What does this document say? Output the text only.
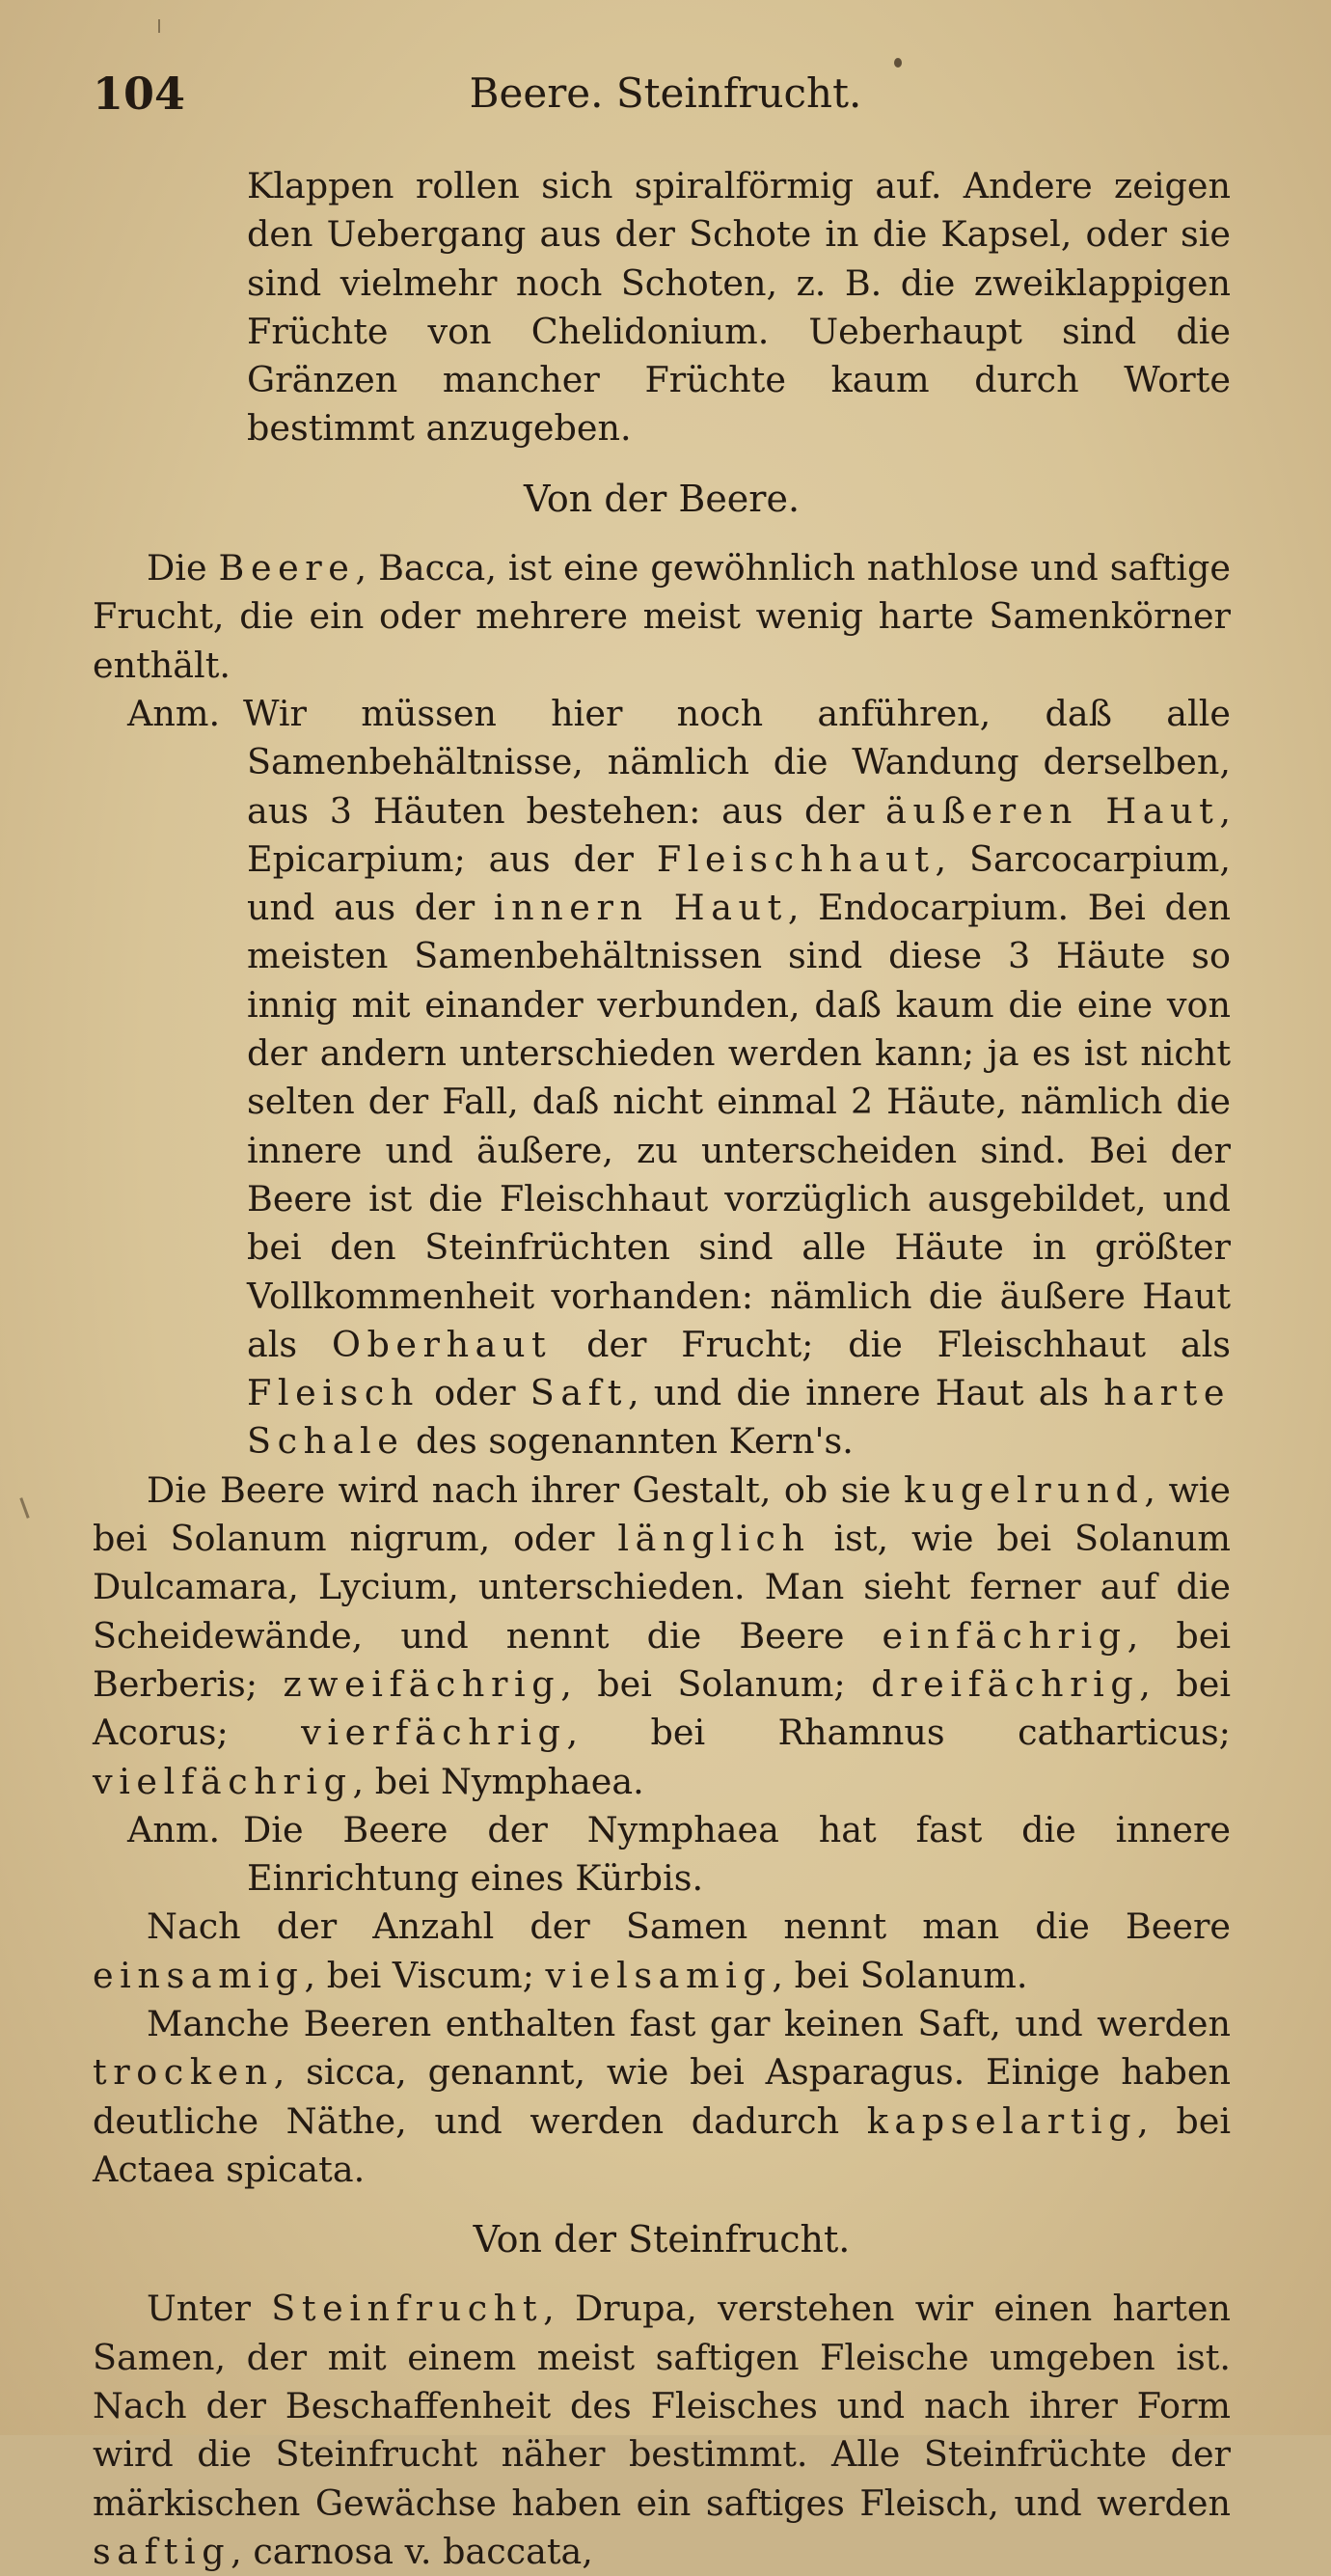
104	Beere. Steinfrucht.

Klappen rollen sich spiralförmig auf. Andere zeigen den Uebergang aus der Schote in die Kapsel, oder sie sind vielmehr noch Schoten, z. B. die zweiklappigen Früchte von Chelidonium. Ueberhaupt sind die Gränzen mancher Früchte kaum durch Worte bestimmt anzugeben.

Von der Beere.

Die Beere, Bacca, ist eine gewöhnlich nathlose und saftige Frucht, die ein oder mehrere meist wenig harte Samenkörner enthält.

Anm. Wir müssen hier noch anführen, daß alle Samenbehältnisse, nämlich die Wandung derselben, aus 3 Häuten bestehen: aus der äußeren Haut, Epicarpium; aus der Fleischhaut, Sarcocarpium, und aus der innern Haut, Endocarpium. Bei den meisten Samenbehältnissen sind diese 3 Häute so innig mit einander verbunden, daß kaum die eine von der andern unterschieden werden kann; ja es ist nicht selten der Fall, daß nicht einmal 2 Häute, nämlich die innere und äußere, zu unterscheiden sind. Bei der Beere ist die Fleischhaut vorzüglich ausgebildet, und bei den Steinfrüchten sind alle Häute in größter Vollkommenheit vorhanden: nämlich die äußere Haut als Oberhaut der Frucht; die Fleischhaut als Fleisch oder Saft, und die innere Haut als harte Schale des sogenannten Kern's.

Die Beere wird nach ihrer Gestalt, ob sie kugelrund, wie bei Solanum nigrum, oder länglich ist, wie bei Solanum Dulcamara, Lycium, unterschieden. Man sieht ferner auf die Scheidewände, und nennt die Beere einfächrig, bei Berberis; zweifächrig, bei Solanum; dreifächrig, bei Acorus; vierfächrig, bei Rhamnus catharticus; vielfächrig, bei Nymphaea.

Anm. Die Beere der Nymphaea hat fast die innere Einrichtung eines Kürbis.

Nach der Anzahl der Samen nennt man die Beere einsamig, bei Viscum; vielsamig, bei Solanum.

Manche Beeren enthalten fast gar keinen Saft, und werden trocken, sicca, genannt, wie bei Asparagus. Einige haben deutliche Näthe, und werden dadurch kapselartig, bei Actaea spicata.

Von der Steinfrucht.

Unter Steinfrucht, Drupa, verstehen wir einen harten Samen, der mit einem meist saftigen Fleische umgeben ist. Nach der Beschaffenheit des Fleisches und nach ihrer Form wird die Steinfrucht näher bestimmt. Alle Steinfrüchte der märkischen Gewächse haben ein saftiges Fleisch, und werden saftig, carnosa v. baccata,
